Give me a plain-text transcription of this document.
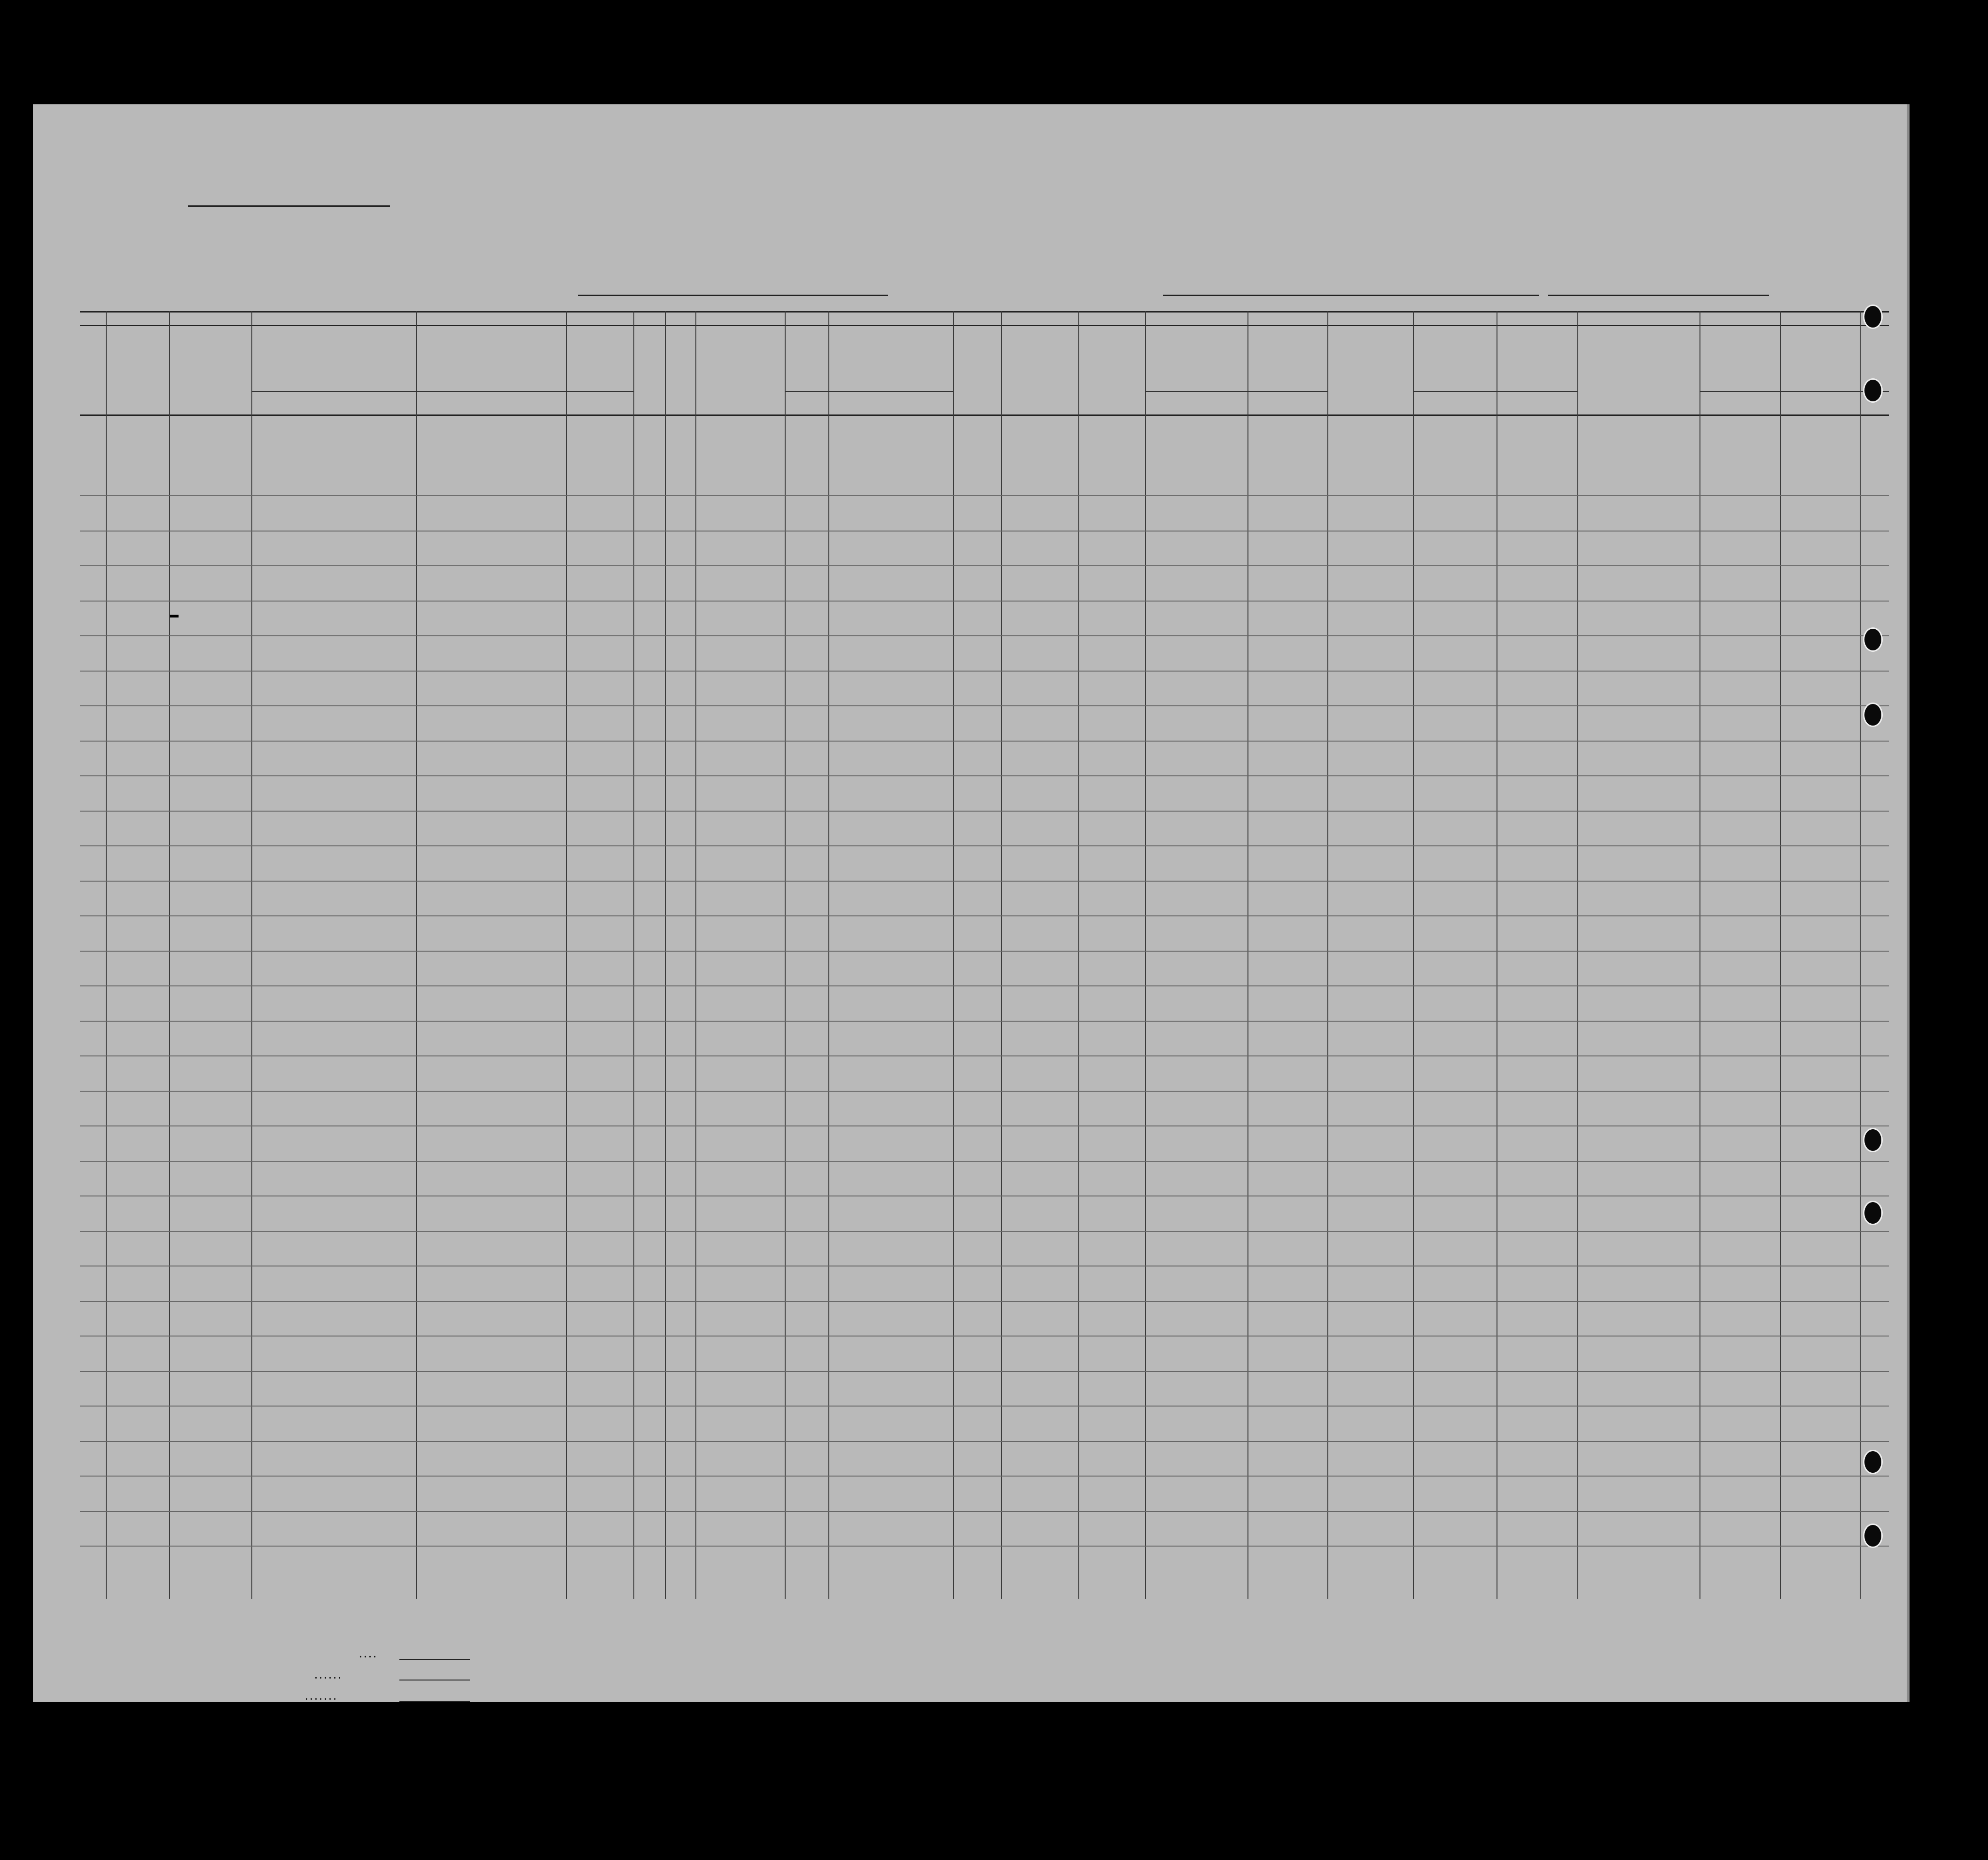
. . . .
. . . . . .
. . . . . . .
